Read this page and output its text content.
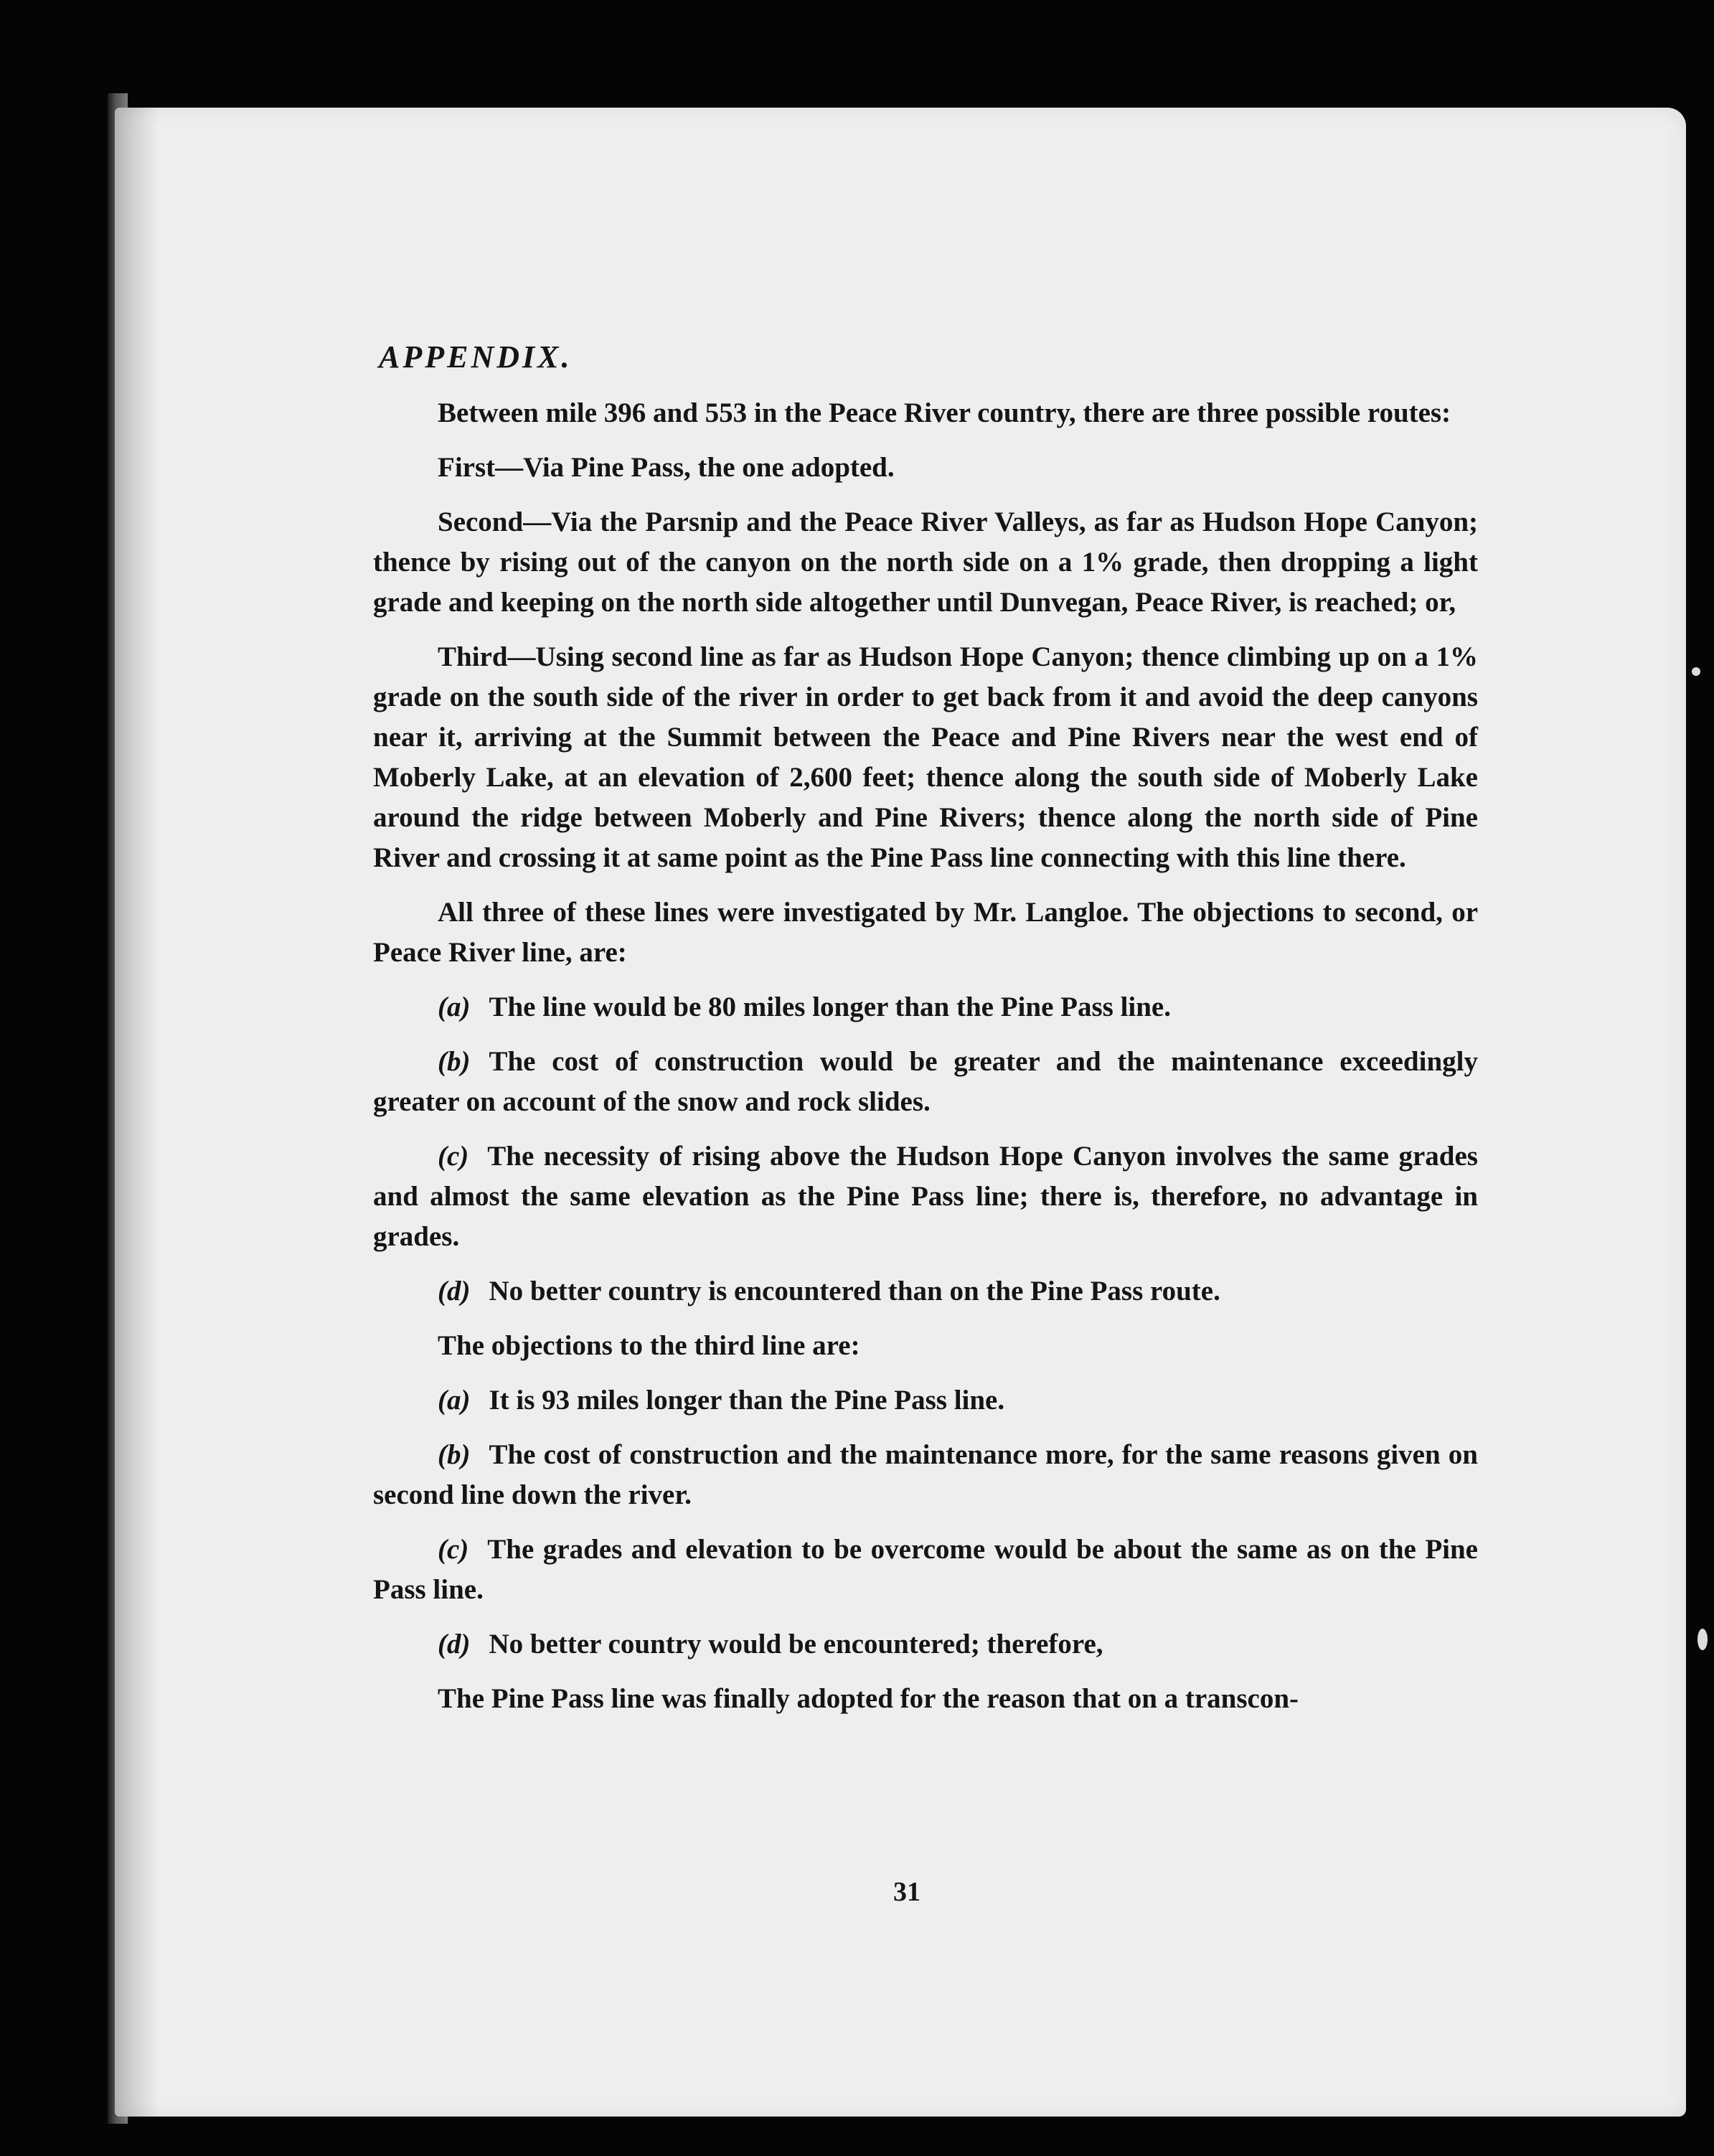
APPENDIX.

Between mile 396 and 553 in the Peace River country, there are three possible routes:

First—Via Pine Pass, the one adopted.

Second—Via the Parsnip and the Peace River Valleys, as far as Hudson Hope Canyon; thence by rising out of the canyon on the north side on a 1% grade, then dropping a light grade and keeping on the north side altogether until Dunvegan, Peace River, is reached; or,

Third—Using second line as far as Hudson Hope Canyon; thence climbing up on a 1% grade on the south side of the river in order to get back from it and avoid the deep canyons near it, arriving at the Summit between the Peace and Pine Rivers near the west end of Moberly Lake, at an elevation of 2,600 feet; thence along the south side of Moberly Lake around the ridge between Moberly and Pine Rivers; thence along the north side of Pine River and crossing it at same point as the Pine Pass line connecting with this line there.

All three of these lines were investigated by Mr. Langloe. The objections to second, or Peace River line, are:

(a) The line would be 80 miles longer than the Pine Pass line.

(b) The cost of construction would be greater and the maintenance exceedingly greater on account of the snow and rock slides.

(c) The necessity of rising above the Hudson Hope Canyon involves the same grades and almost the same elevation as the Pine Pass line; there is, therefore, no advantage in grades.

(d) No better country is encountered than on the Pine Pass route.

The objections to the third line are:

(a) It is 93 miles longer than the Pine Pass line.

(b) The cost of construction and the maintenance more, for the same reasons given on second line down the river.

(c) The grades and elevation to be overcome would be about the same as on the Pine Pass line.

(d) No better country would be encountered; therefore,

The Pine Pass line was finally adopted for the reason that on a transcon-

31
